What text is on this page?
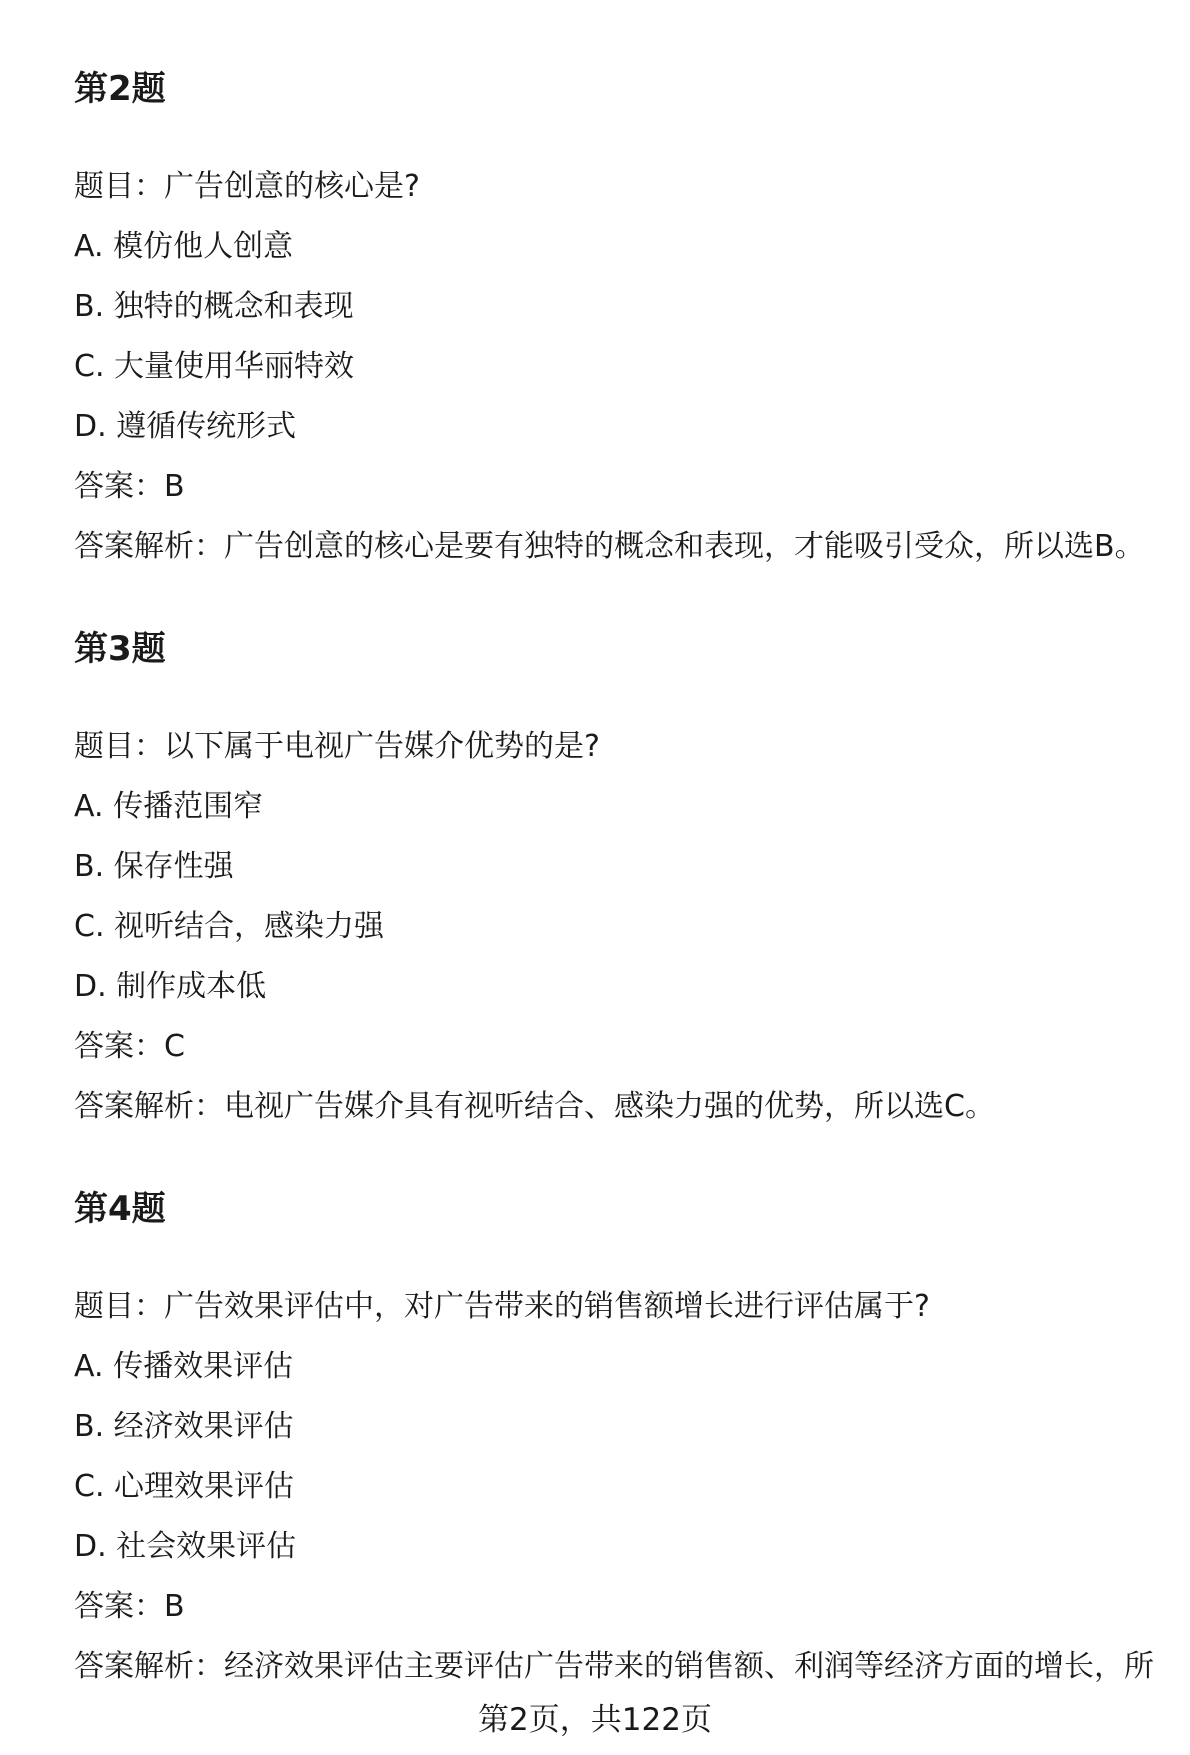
第2题
题目：广告创意的核心是?
A. 模仿他人创意
B. 独特的概念和表现
C. 大量使用华丽特效
D. 遵循传统形式
答案：B
答案解析：广告创意的核心是要有独特的概念和表现，才能吸引受众，所以选B。
第3题
题目：以下属于电视广告媒介优势的是?
A. 传播范围窄
B. 保存性强
C. 视听结合，感染力强
D. 制作成本低
答案：C
答案解析：电视广告媒介具有视听结合、感染力强的优势，所以选C。
第4题
题目：广告效果评估中，对广告带来的销售额增长进行评估属于?
A. 传播效果评估
B. 经济效果评估
C. 心理效果评估
D. 社会效果评估
答案：B
答案解析：经济效果评估主要评估广告带来的销售额、利润等经济方面的增长，所
第2页，共122页
